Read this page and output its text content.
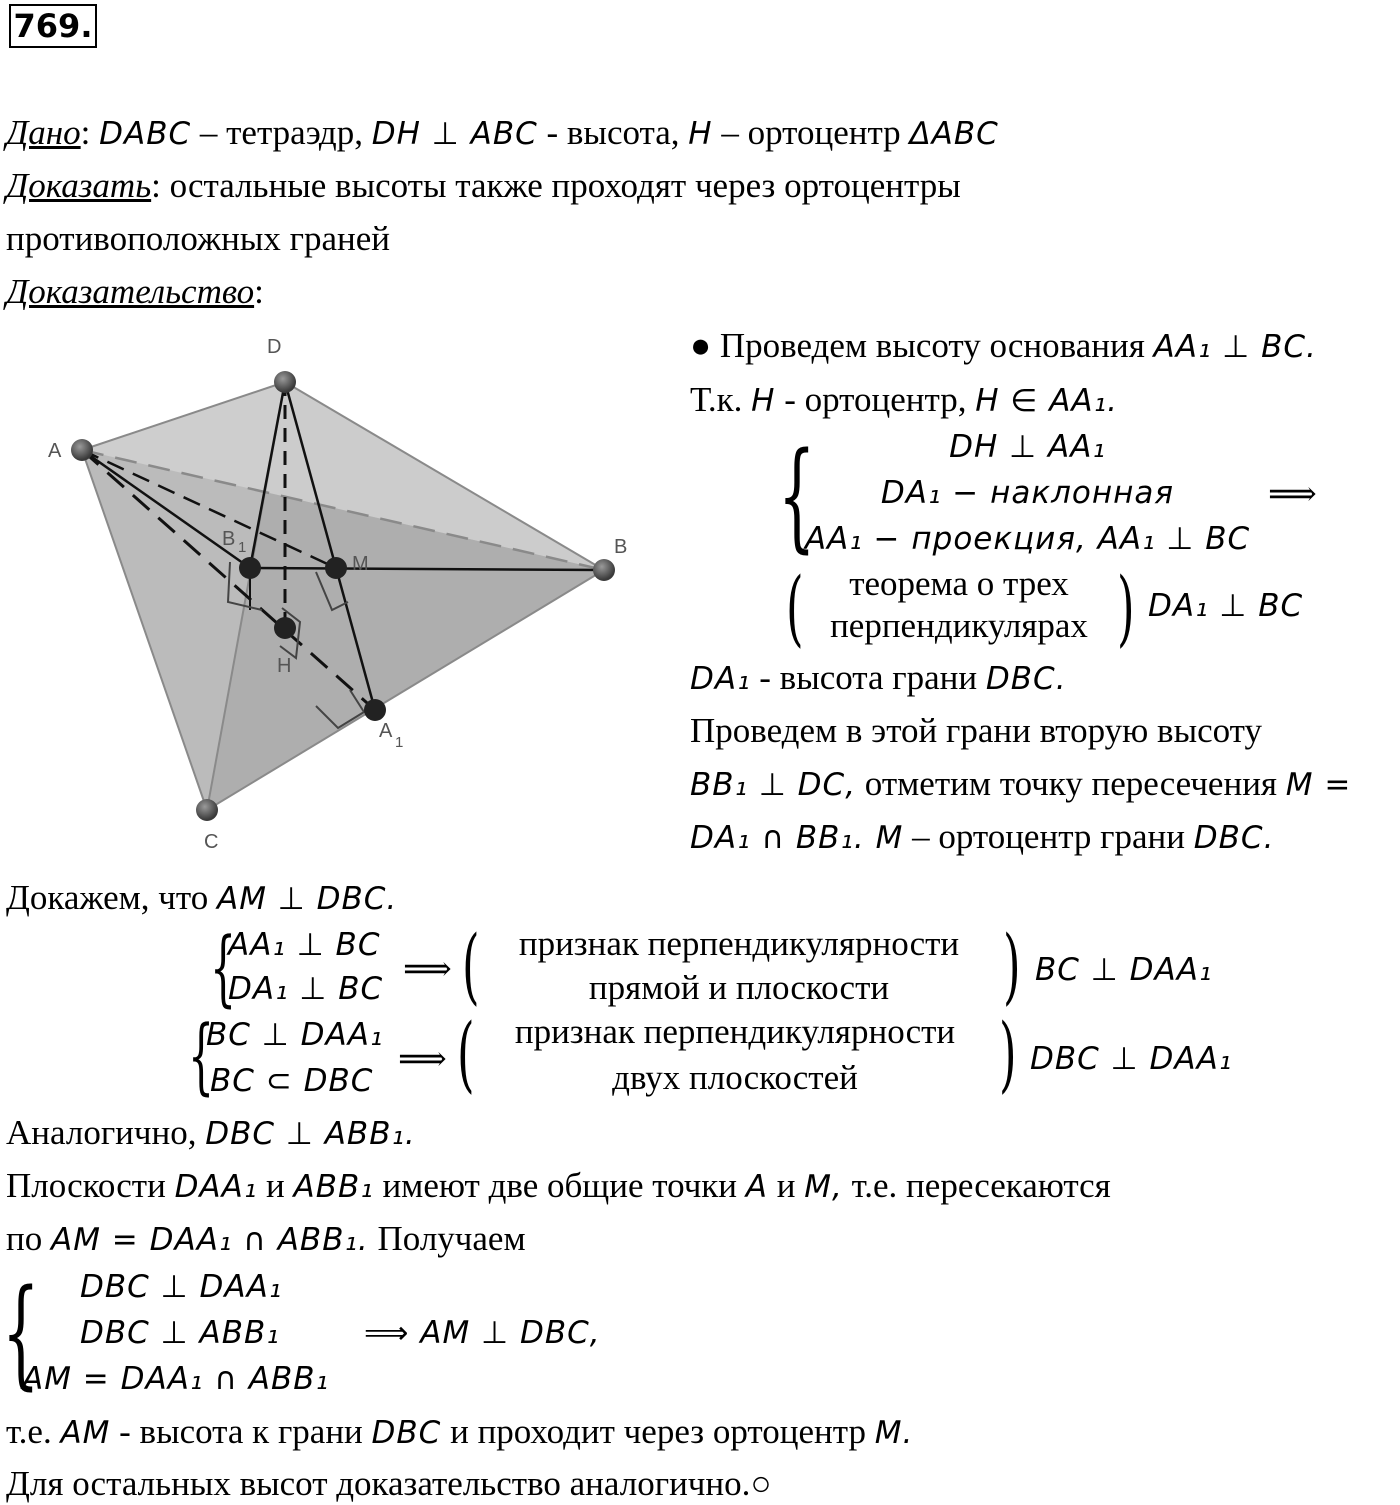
769.
Дано: DABC – тетраэдр, DH ⊥ ABC - высота, H – ортоцентр ΔABC
Доказать: остальные высоты также проходят через ортоцентры
противоположных граней
Доказательство:
D
A
B
C
B 1
M
H
A
1
● Проведем высоту основания AA₁ ⊥ BC.
Т.к. H - ортоцентр, H ∈ AA₁.
{	DH ⊥ AA₁
DA₁ − наклонная
AA₁ − проекция, AA₁ ⊥ BC
⟹
(	теорема о трех
перпендикулярах ) DA₁ ⊥ BC
DA₁ - высота грани DBC.
Проведем в этой грани вторую высоту
BB₁ ⊥ DC, отметим точку пересечения M =
DA₁ ∩ BB₁. M – ортоцентр грани DBC.
Докажем, что AM ⊥ DBC.
{
AA₁ ⊥ BC
DA₁ ⊥ BC
⟹ (	признак перпендикулярности
прямой и плоскости	) BC ⊥ DAA₁
{
BC ⊥ DAA₁
BC ⊂ DBC
⟹ (	признак перпендикулярности
двух плоскостей	) DBC ⊥ DAA₁
Аналогично, DBC ⊥ ABB₁.
Плоскости DAA₁ и ABB₁ имеют две общие точки A и M, т.е. пересекаются
по AM = DAA₁ ∩ ABB₁. Получаем
{ DBC ⊥ DAA₁
DBC ⊥ ABB₁
AM = DAA₁ ∩ ABB₁
⟹ AM ⊥ DBC,
т.е. AM - высота к грани DBC и проходит через ортоцентр M.
Для остальных высот доказательство аналогично.○
